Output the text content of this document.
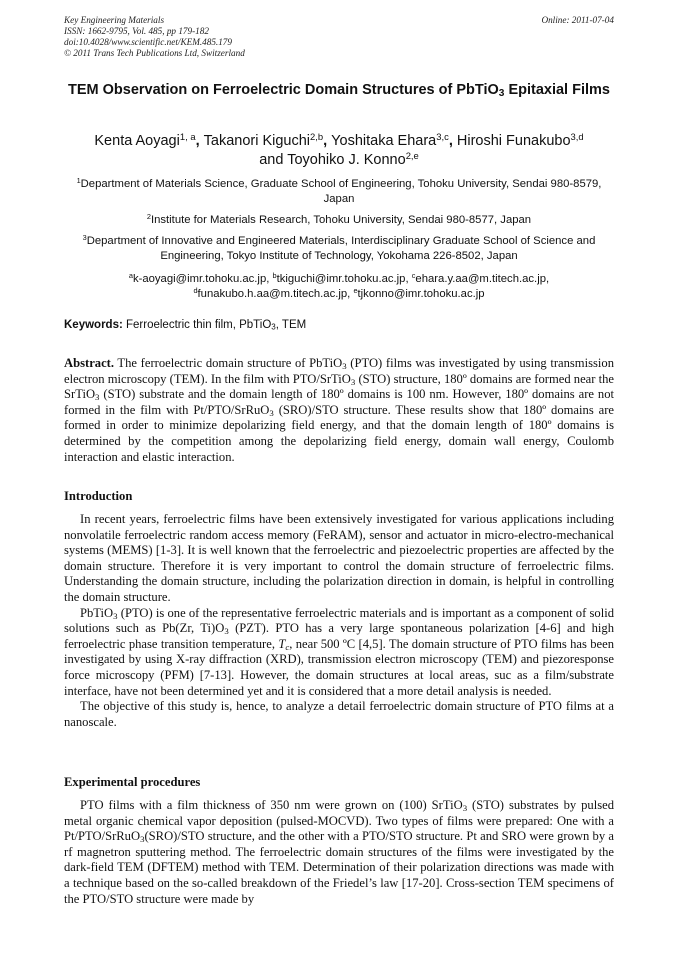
Key Engineering Materials
ISSN: 1662-9795, Vol. 485, pp 179-182
doi:10.4028/www.scientific.net/KEM.485.179
© 2011 Trans Tech Publications Ltd, Switzerland
Online: 2011-07-04
TEM Observation on Ferroelectric Domain Structures of PbTiO$_3$ Epitaxial Films
Kenta Aoyagi$^{1, a}$, Takanori Kiguchi$^{2,b}$, Yoshitaka Ehara$^{3,c}$, Hiroshi Funakubo$^{3,d}$
and Toyohiko J. Konno$^{2,e}$
$^1$Department of Materials Science, Graduate School of Engineering, Tohoku University, Sendai 980-8579, Japan
$^2$Institute for Materials Research, Tohoku University, Sendai 980-8577, Japan
$^3$Department of Innovative and Engineered Materials, Interdisciplinary Graduate School of Science and Engineering, Tokyo Institute of Technology, Yokohama 226-8502, Japan
$^a$k-aoyagi@imr.tohoku.ac.jp, $^b$tkiguchi@imr.tohoku.ac.jp, $^c$ehara.y.aa@m.titech.ac.jp,
$^d$funakubo.h.aa@m.titech.ac.jp, $^e$tjkonno@imr.tohoku.ac.jp
Keywords: Ferroelectric thin film, PbTiO$_3$, TEM

Abstract. The ferroelectric domain structure of PbTiO$_3$ (PTO) films was investigated by using transmission electron microscopy (TEM). In the film with PTO/SrTiO$_3$ (STO) structure, 180º domains are formed near the SrTiO$_3$ (STO) substrate and the domain length of 180º domains is 100 nm. However, 180º domains are not formed in the film with Pt/PTO/SrRuO$_3$ (SRO)/STO structure. These results show that 180º domains are formed in order to minimize depolarizing field energy, and that the domain length of 180º domains is determined by the competition among the depolarizing field energy, domain wall energy, Coulomb interaction and elastic interaction.

Introduction

In recent years, ferroelectric films have been extensively investigated for various applications including nonvolatile ferroelectric random access memory (FeRAM), sensor and actuator in micro-electro-mechanical systems (MEMS) [1-3]. It is well known that the ferroelectric and piezoelectric properties are affected by the domain structure. Therefore it is very important to control the domain structure of ferroelectric films. Understanding the domain structure, including the polarization direction in domain, is helpful in controlling the domain structure.

PbTiO$_3$ (PTO) is one of the representative ferroelectric materials and is important as a component of solid solutions such as Pb(Zr, $Ti)O_3$ (PZT). PTO has a very large spontaneous polarization [4-6] and high ferroelectric phase transition temperature, $T_c$, near 500 ºC [4,5]. The domain structure of PTO films has been investigated by using X-ray diffraction (XRD), transmission electron microscopy (TEM) and piezoresponse force microscopy (PFM) [7-13]. However, the domain structures at local areas, suc as a film/substrate interface, have not been determined yet and it is considered that a more detail analysis is needed.

The objective of this study is, hence, to analyze a detail ferroelectric domain structure of PTO films at a nanoscale.

Experimental procedures

PTO films with a film thickness of 350 nm were grown on (100) SrTiO$_3$ (STO) substrates by pulsed metal organic chemical vapor deposition (pulsed-MOCVD). Two types of films were prepared: One with a Pt/PTO/SrRuO$_3$(SRO)/STO structure, and the other with a PTO/STO structure. Pt and SRO were grown by a rf magnetron sputtering method. The ferroelectric domain structures of the films were investigated by the dark-field TEM (DFTEM) method with TEM. Determination of their polarization directions was made with a technique based on the so-called breakdown of the Friedel’s law [17-20]. Cross-section TEM specimens of the PTO/STO structure were made by
